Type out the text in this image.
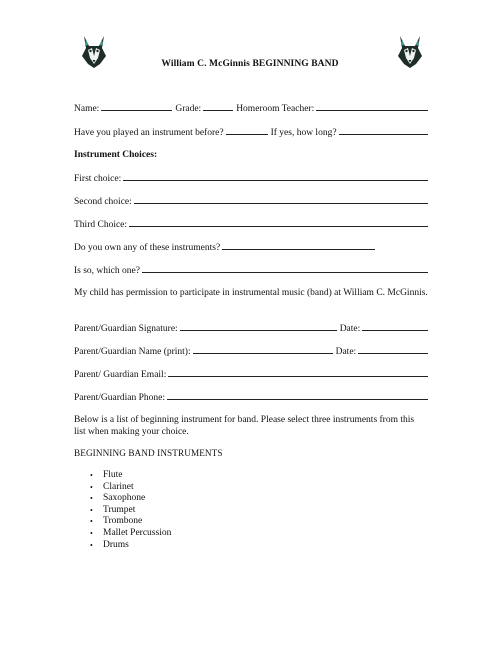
William C. McGinnis BEGINNING BAND
Name:	Grade:	Homeroom Teacher:
Have you played an instrument before?	If yes, how long?
Instrument Choices:
First choice:
Second choice:
Third Choice:
Do you own any of these instruments?
Is so, which one?
My child has permission to participate in instrumental music (band) at William C. McGinnis.
Parent/Guardian Signature:	Date:
Parent/Guardian Name (print):	Date:
Parent/ Guardian Email:
Parent/Guardian Phone:
Below is a list of beginning instrument for band. Please select three instruments from this list when making your choice.
BEGINNING BAND INSTRUMENTS
•	Flute
•	Clarinet
•	Saxophone
•	Trumpet
•	Trombone
•	Mallet Percussion
•	Drums
